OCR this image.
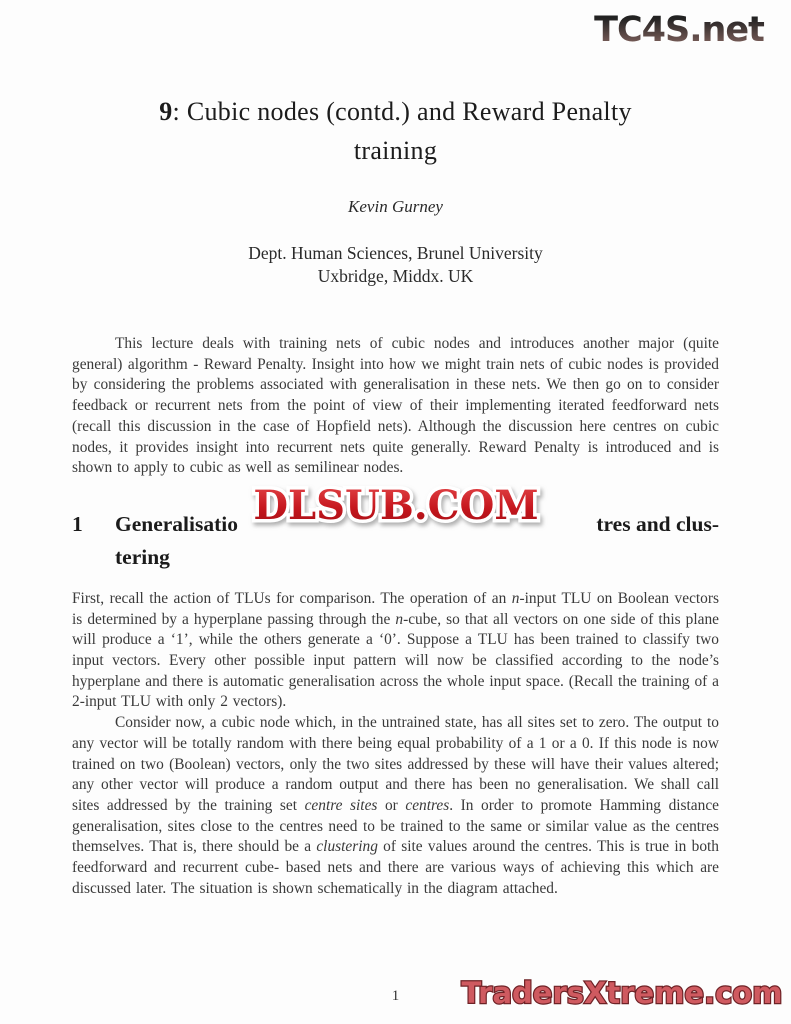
TC4S.net
9: Cubic nodes (contd.) and Reward Penalty
training
Kevin Gurney
Dept. Human Sciences, Brunel University
Uxbridge, Middx. UK

This lecture deals with training nets of cubic nodes and introduces another major (quite general) algorithm - Reward Penalty. Insight into how we might train nets of cubic nodes is provided by considering the problems associated with generalisation in these nets. We then go on to consider feedback or recurrent nets from the point of view of their implementing iterated feedforward nets (recall this discussion in the case of Hopfield nets). Although the discussion here centres on cubic nodes, it provides insight into recurrent nets quite generally. Reward Penalty is introduced and is shown to apply to cubic as well as semilinear nodes.

1	Generalisatio	tres and clus-
tering

First, recall the action of TLUs for comparison. The operation of an n-input TLU on Boolean vectors is determined by a hyperplane passing through the n-cube, so that all vectors on one side of this plane will produce a ‘1’, while the others generate a ‘0’. Suppose a TLU has been trained to classify two input vectors. Every other possible input pattern will now be classified according to the node’s hyperplane and there is automatic generalisation across the whole input space. (Recall the training of a 2-input TLU with only 2 vectors).

Consider now, a cubic node which, in the untrained state, has all sites set to zero. The output to any vector will be totally random with there being equal probability of a 1 or a 0. If this node is now trained on two (Boolean) vectors, only the two sites addressed by these will have their values altered; any other vector will produce a random output and there has been no generalisation. We shall call sites addressed by the training set centre sites or centres. In order to promote Hamming distance generalisation, sites close to the centres need to be trained to the same or similar value as the centres themselves. That is, there should be a clustering of site values around the centres. This is true in both feedforward and recurrent cube- based nets and there are various ways of achieving this which are discussed later. The situation is shown schematically in the diagram attached.

DLSUB.COM
1	TradersXtreme.com
